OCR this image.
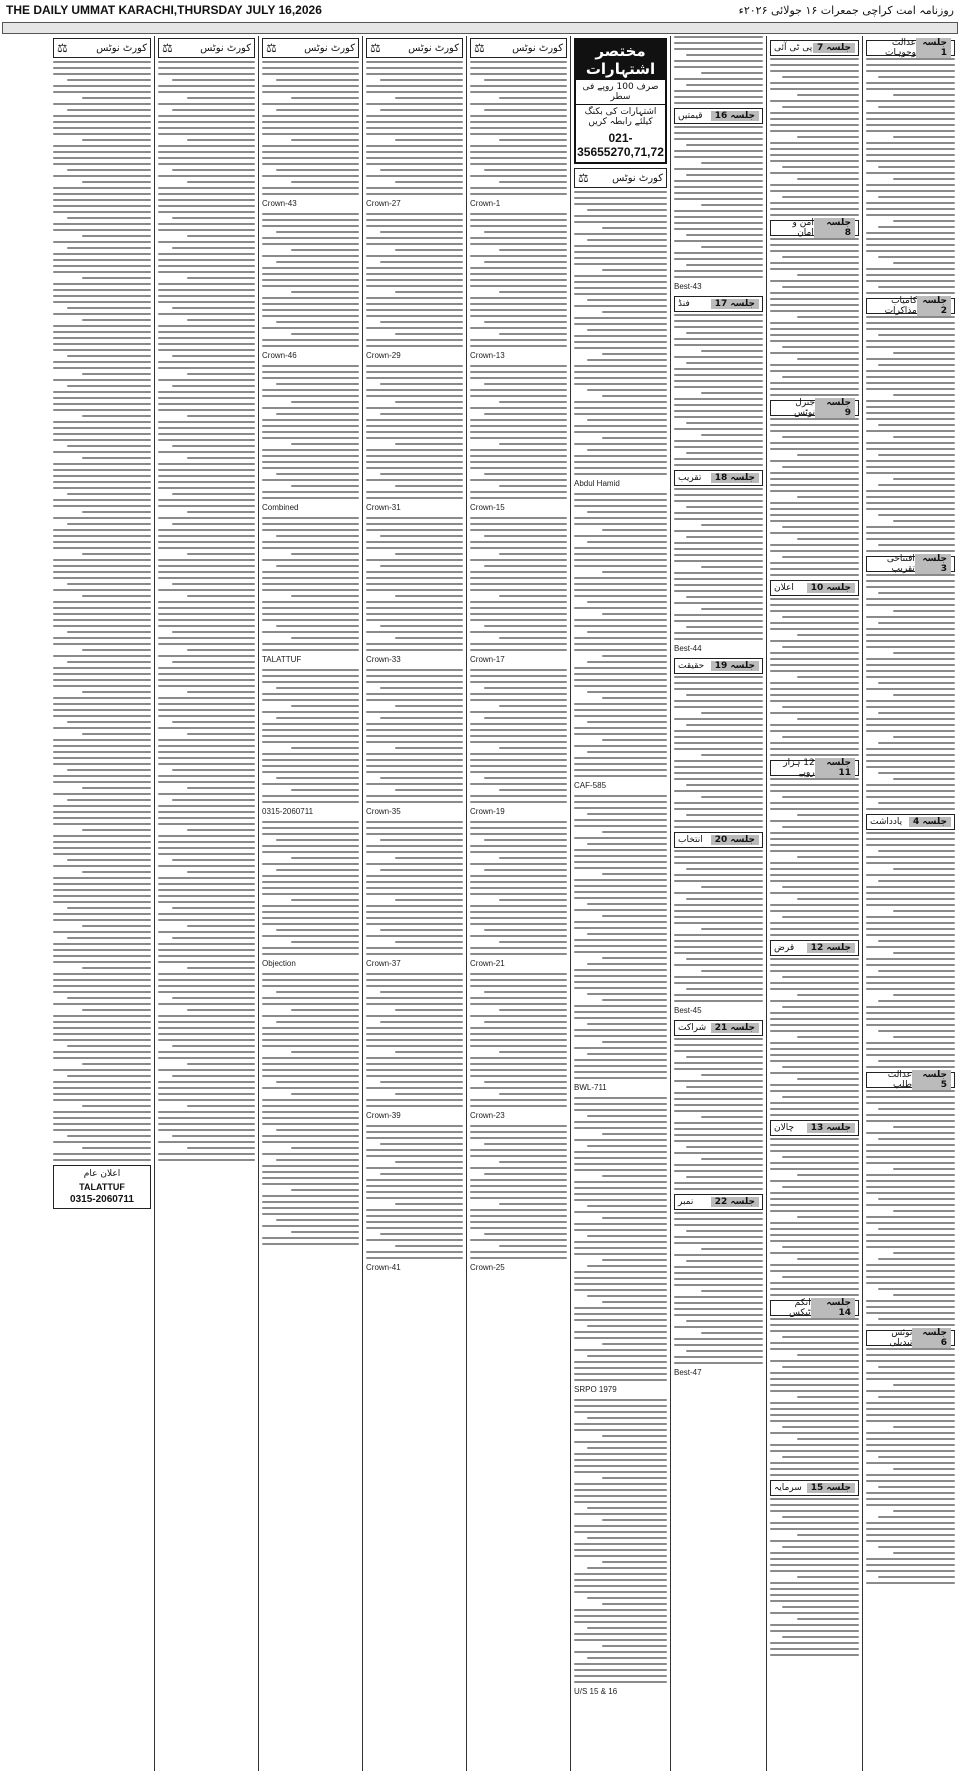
THE DAILY UMMAT KARACHI,THURSDAY JULY 16,2026	روزنامہ امت کراچی جمعرات ۱۶ جولائی ۲۰۲۶ء
جلسہ 1
عدالت وجوہات
جلسہ 2
کامیاب مذاکرات
جلسہ 3
افتتاحی تقریب
جلسہ 4
یادداشت
جلسہ 5
عدالت طلب
جلسہ 6
نوٹس تبدیلی
جلسہ 7
پی ٹی آئی
جلسہ 8
امن و امان
جلسہ 9
جنرل نوٹس
جلسہ 10
اعلان
جلسہ 11
12 ہزار روپے
جلسہ 12
قرض
جلسہ 13
چالان
جلسہ 14
انکم ٹیکس
جلسہ 15
سرمایہ
جلسہ 16
قیمتیں
Best-43
جلسہ 17
فنڈ
جلسہ 18
تقریب
Best-44
جلسہ 19
حقیقت
جلسہ 20
انتخاب
Best-45
جلسہ 21
شراکت
جلسہ 22
نمبر
Best-47
مختصر اشتہارات
صرف 100 روپے فی سطر
اشتہارات کی بکنگ کیلئے رابطہ کریں
021-35655270,71,72
کورٹ نوٹس
⚖
Abdul Hamid
CAF-585
BWL-711
SRPO 1979
U/S 15 & 16
کورٹ نوٹس
⚖
Crown-1
Crown-13
Crown-15
Crown-17
Crown-19
Crown-21
Crown-23
Crown-25
کورٹ نوٹس
⚖
Crown-27
Crown-29
Crown-31
Crown-33
Crown-35
Crown-37
Crown-39
Crown-41
کورٹ نوٹس
⚖
Crown-43
Crown-46
Combined
TALATTUF
0315-2060711
Objection
کورٹ نوٹس
⚖
کورٹ نوٹس
⚖
اعلان عام
TALATTUF
0315-2060711
